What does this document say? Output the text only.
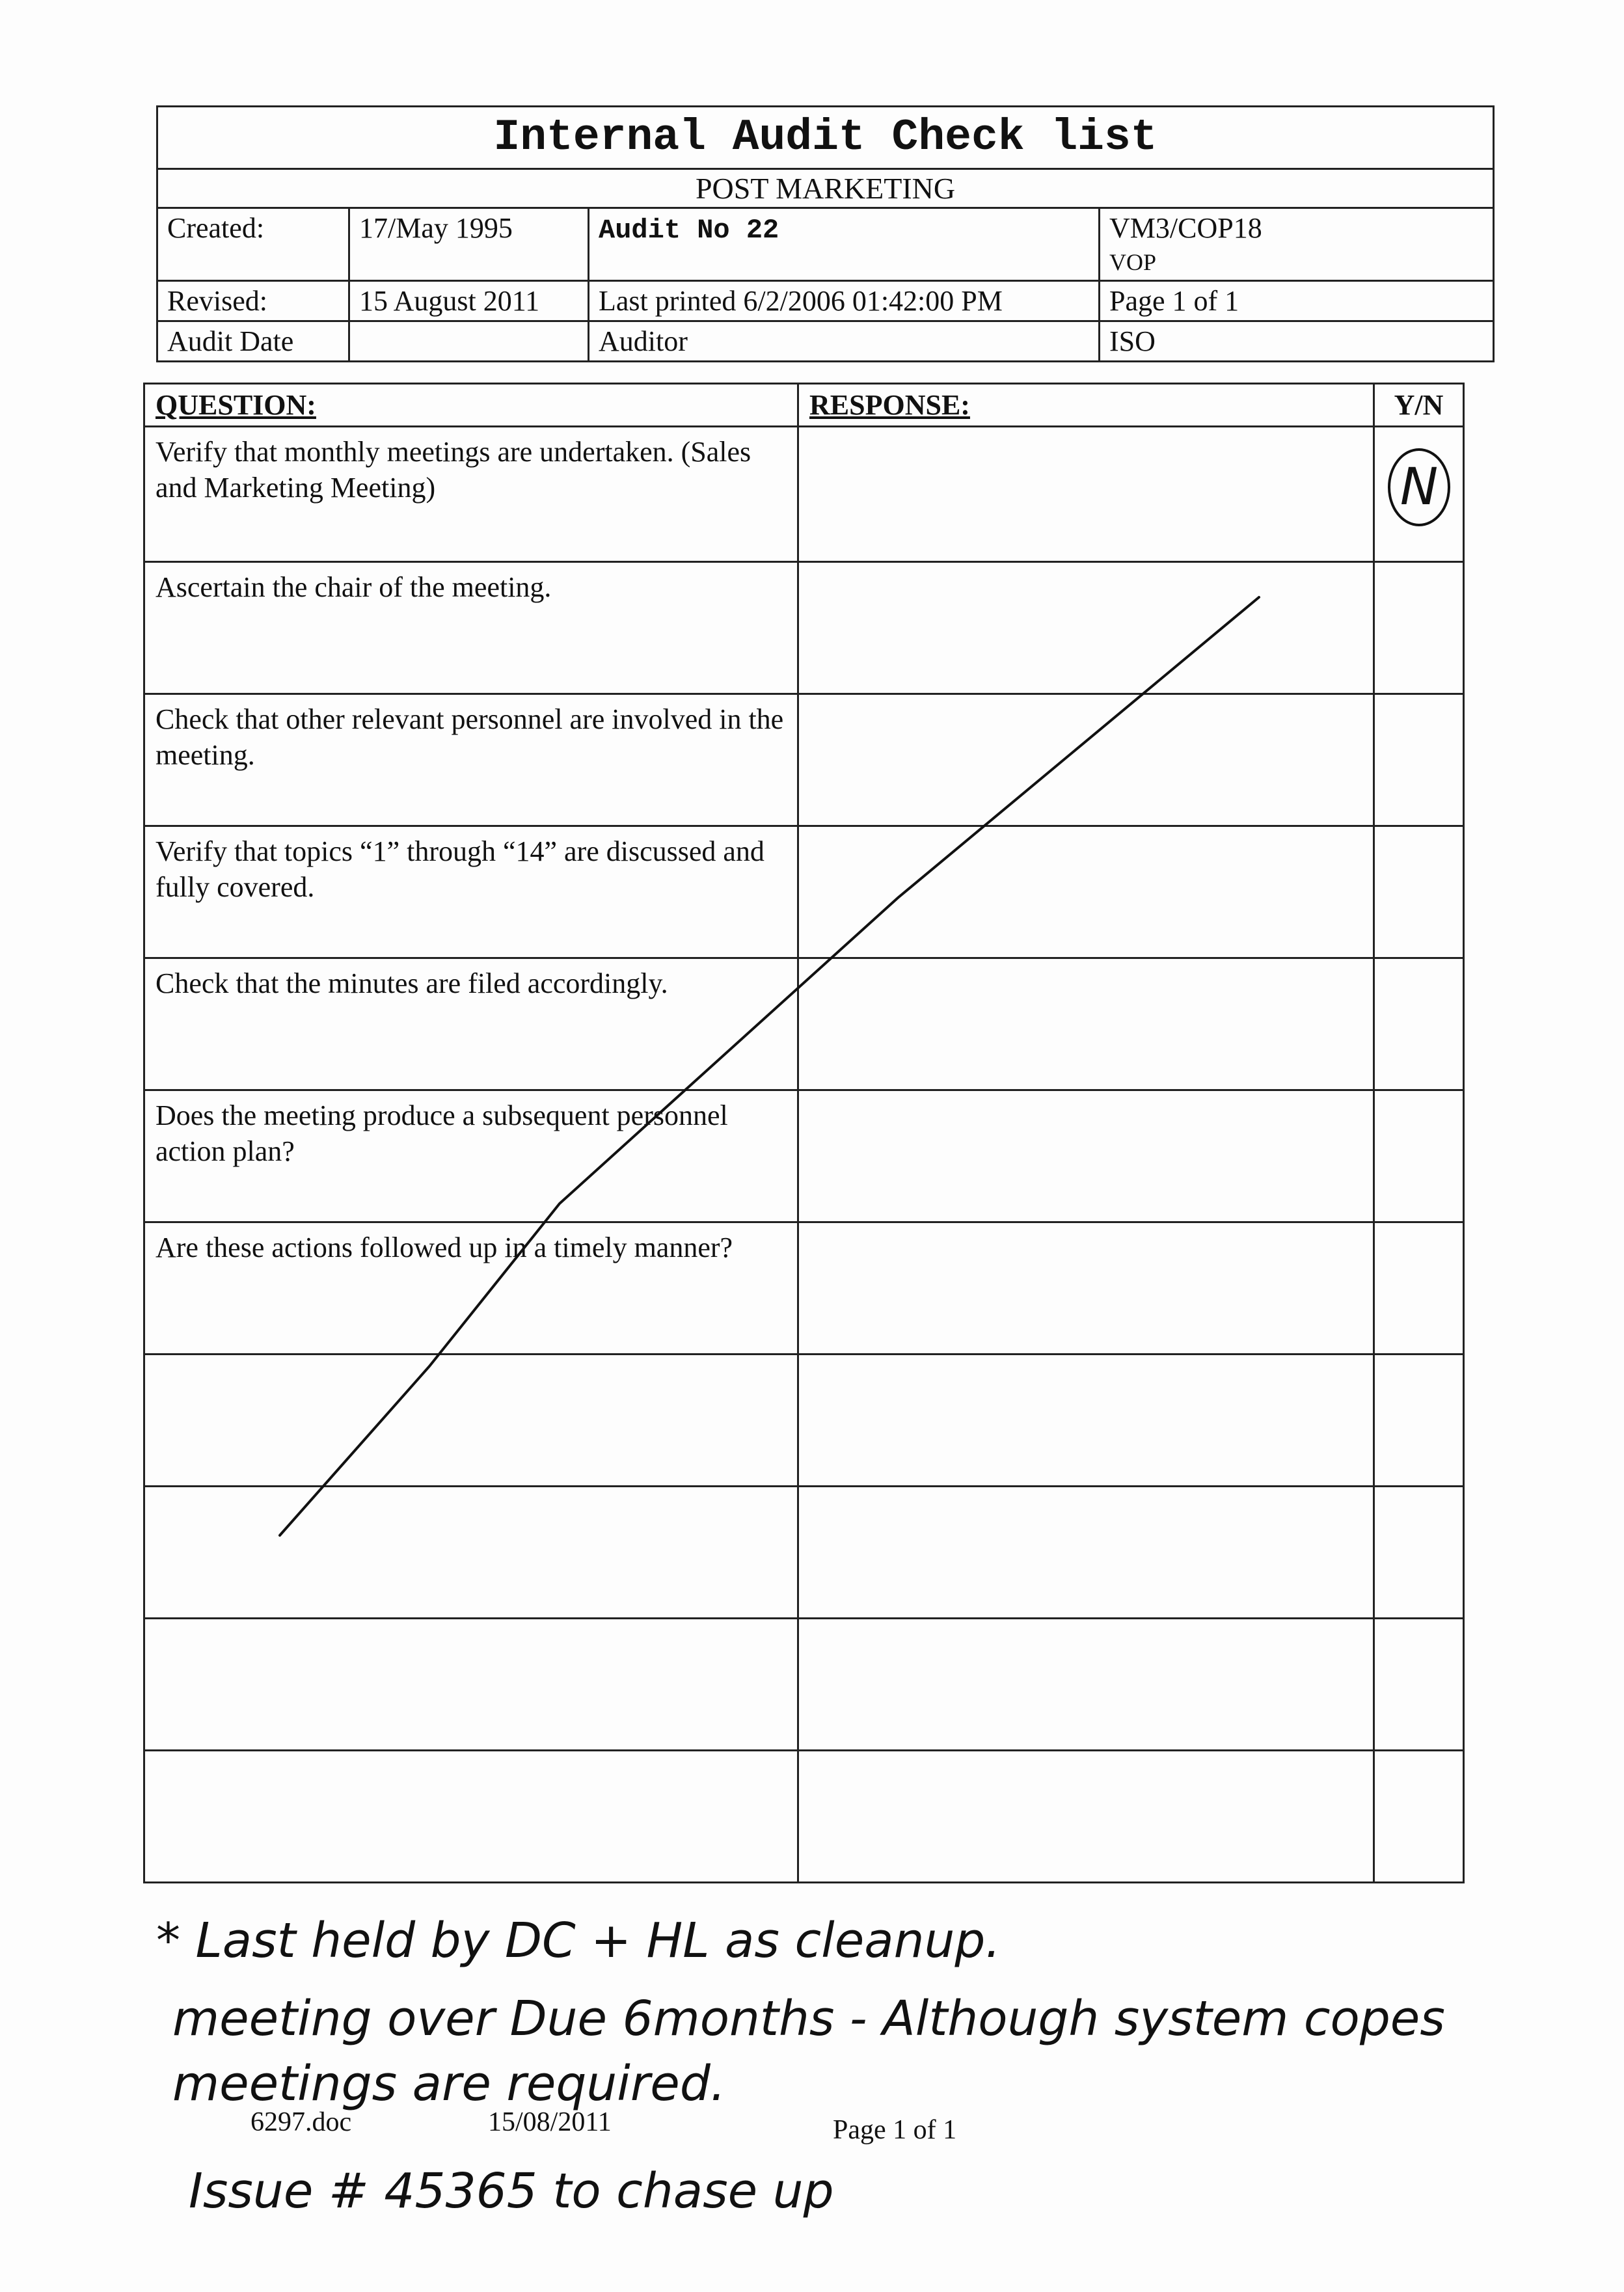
Internal Audit Check list			
POST MARKETING			
Created:	17/May 1995	Audit No 22	VM3/COP18
VOP

Revised:	15 August 2011	Last printed 6/2/2006 01:42:00 PM	Page 1 of 1
Audit Date		Auditor	ISO
QUESTION:	RESPONSE:	Y/N
Verify that monthly meetings are undertaken. (Sales and Marketing Meeting)		N

Ascertain the chair of the meeting.		
Check that other relevant personnel are involved in the meeting.		
Verify that topics “1” through “14” are discussed and fully covered.		
Check that the minutes are filed accordingly.		
Does the meeting produce a subsequent personnel action plan?		
Are these actions followed up in a timely manner?		

* Last held by DC + HL as cleanup.
meeting over Due 6months - Although system copes
meetings are required.
6297.doc	15/08/2011	Page 1 of 1
Issue # 45365 to chase up
